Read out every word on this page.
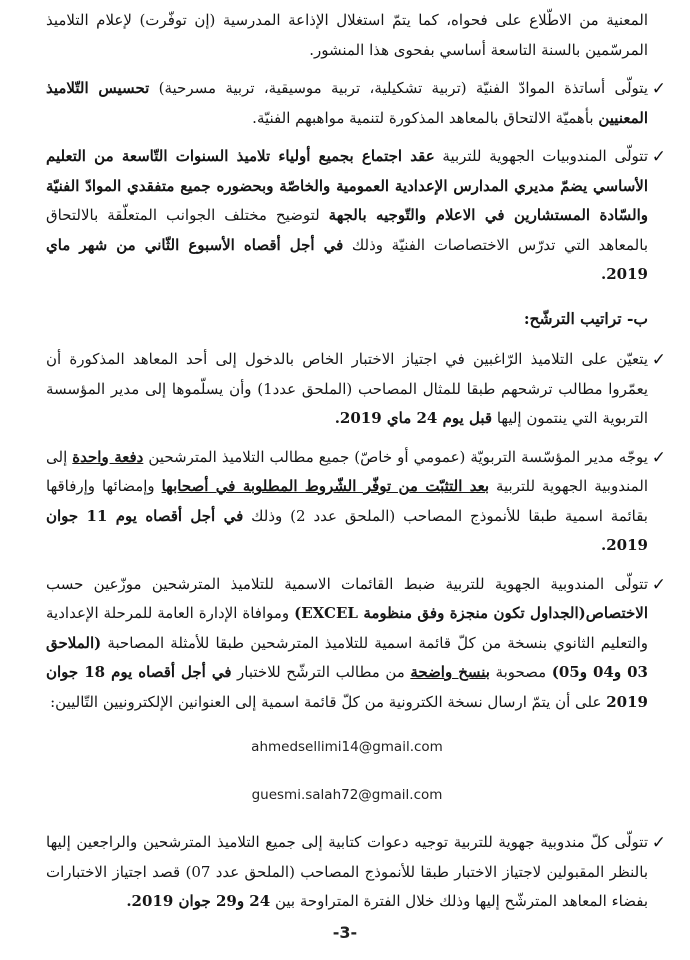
المعنية من الاطّلاع على فحواه، كما يتمّ استغلال الإذاعة المدرسية (إن توفّرت) لإعلام التلاميذ المرسّمين بالسنة التاسعة أساسي بفحوى هذا المنشور.

✓
يتولّى أساتذة الموادّ الفنيّة (تربية تشكيلية، تربية موسيقية، تربية مسرحية) تحسيس التّلاميذ المعنيين بأهميّة الالتحاق بالمعاهد المذكورة لتنمية مواهبهم الفنيّة.

✓
تتولّى المندوبيات الجهوية للتربية عقد اجتماع بجميع أولياء تلاميذ السنوات التّاسعة من التعليم الأساسي يضمّ مديري المدارس الإعدادية العمومية والخاصّة وبحضوره جميع متفقدي الموادّ الفنيّة والسّادة المستشارين في الاعلام والتّوجيه بالجهة لتوضيح مختلف الجوانب المتعلّقة بالالتحاق بالمعاهد التي تدرّس الاختصاصات الفنيّة وذلك في أجل أقصاه الأسبوع الثّاني من شهر ماي 2019.

ب- تراتيب الترشّح:

✓
يتعيّن على التلاميذ الرّاغبين في اجتياز الاختبار الخاص بالدخول إلى أحد المعاهد المذكورة أن يعمّروا مطالب ترشحهم طبقا للمثال المصاحب (الملحق عدد1) وأن يسلّموها إلى مدير المؤسسة التربوية التي ينتمون إليها قبل يوم 24 ماي 2019.

✓
يوجّه مدير المؤسّسة التربويّة (عمومي أو خاصّ) جميع مطالب التلاميذ المترشحين دفعة واحدة إلى المندوبية الجهوية للتربية بعد التثبّت من توفّر الشّروط المطلوبة في أصحابها وإمضائها وإرفاقها بقائمة اسمية طبقا للأنموذج المصاحب (الملحق عدد 2) وذلك في أجل أقصاه يوم 11 جوان 2019.

✓
تتولّى المندوبية الجهوية للتربية ضبط القائمات الاسمية للتلاميذ المترشحين موزّعين حسب الاختصاص(الجداول تكون منجزة وفق منظومة EXCEL) وموافاة الإدارة العامة للمرحلة الإعدادية والتعليم الثانوي بنسخة من كلّ قائمة اسمية للتلاميذ المترشحين طبقا للأمثلة المصاحبة (الملاحق 03 و04 و05) مصحوبة بنسخ واضحة من مطالب الترشّح للاختبار في أجل أقصاه يوم 18 جوان 2019 على أن يتمّ ارسال نسخة الكترونية من كلّ قائمة اسمية إلى العنوانين الإلكترونيين التّاليين:

ahmedsellimi14@gmail.com
guesmi.salah72@gmail.com

✓
تتولّى كلّ مندوبية جهوية للتربية توجيه دعوات كتابية إلى جميع التلاميذ المترشحين والراجعين إليها بالنظر المقبولين لاجتياز الاختبار طبقا للأنموذج المصاحب (الملحق عدد 07) قصد اجتياز الاختبارات بفضاء المعاهد المترشّح إليها وذلك خلال الفترة المتراوحة بين 24 و29 جوان 2019.

-3-
